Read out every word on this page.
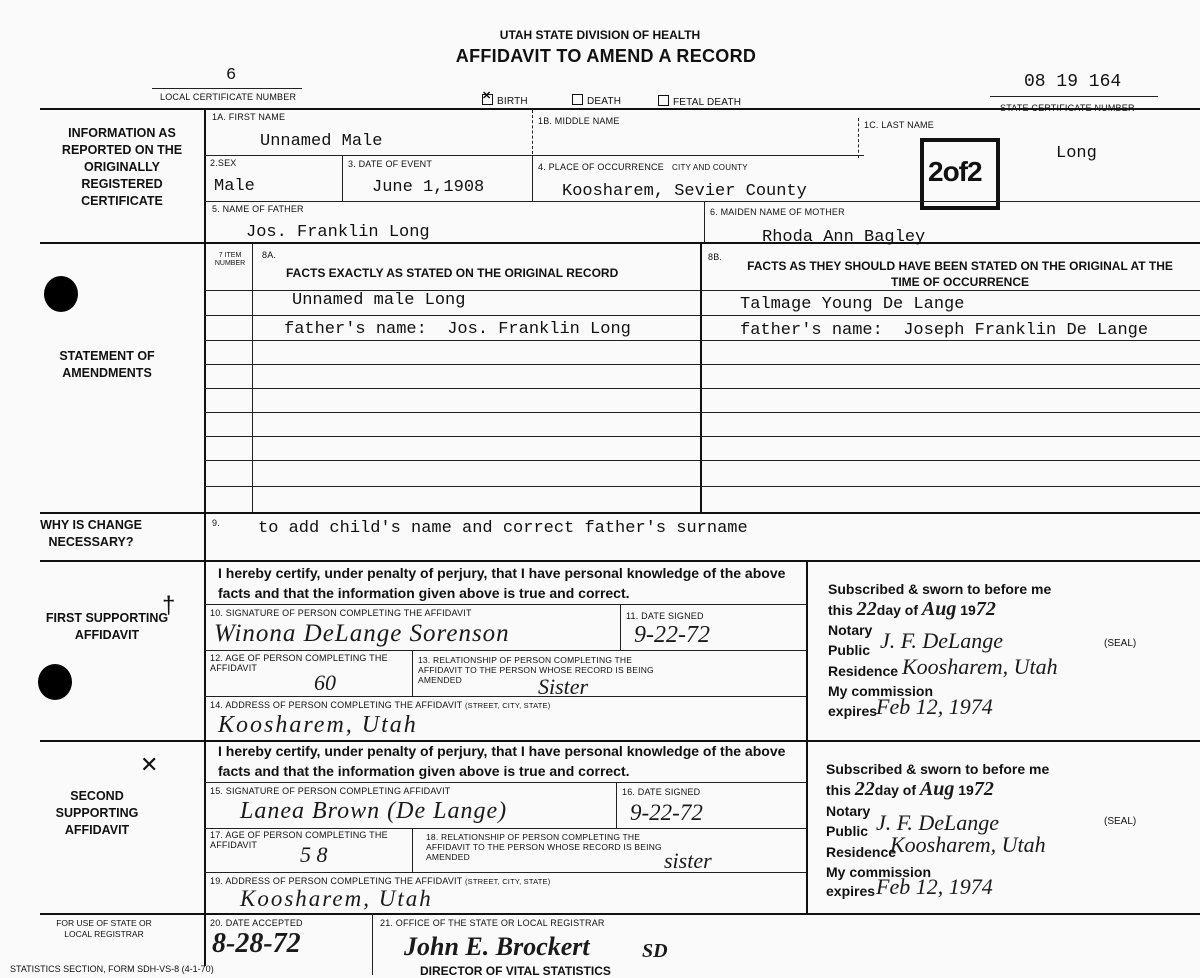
UTAH STATE DIVISION OF HEALTH
AFFIDAVIT TO AMEND A RECORD
6
LOCAL CERTIFICATE NUMBER
08 19 164
STATE CERTIFICATE NUMBER
✕BIRTH	DEATH	FETAL DEATH
INFORMATION AS REPORTED ON THE ORIGINALLY REGISTERED CERTIFICATE
1A. FIRST NAME
Unnamed Male
1B. MIDDLE NAME	1C. LAST NAME
Long
2.SEX
Male
3. DATE OF EVENT
June 1,1908
4. PLACE OF OCCURRENCE CITY AND COUNTY
Koosharem, Sevier County
2of2
5. NAME OF FATHER
Jos. Franklin Long
6. MAIDEN NAME OF MOTHER
Rhoda Ann Bagley
STATEMENT OF AMENDMENTS
7 ITEM NUMBER
8A.
FACTS EXACTLY AS STATED ON THE ORIGINAL RECORD
8B.
FACTS AS THEY SHOULD HAVE BEEN STATED ON THE ORIGINAL AT THE TIME OF OCCURRENCE
Unnamed male Long	Talmage Young De Lange
father's name:  Jos. Franklin Long	father's name:  Joseph Franklin De Lange
WHY IS CHANGE NECESSARY?
9. to add child's name and correct father's surname
FIRST SUPPORTING AFFIDAVIT
†
I hereby certify, under penalty of perjury, that I have personal knowledge of the above facts and that the information given above is true and correct.
10. SIGNATURE OF PERSON COMPLETING THE AFFIDAVIT
Winona DeLange Sorenson
11. DATE SIGNED
9-22-72
12. AGE OF PERSON COMPLETING THE AFFIDAVIT
60
13. RELATIONSHIP OF PERSON COMPLETING THE AFFIDAVIT TO THE PERSON WHOSE RECORD IS BEING AMENDED	Sister
14. ADDRESS OF PERSON COMPLETING THE AFFIDAVIT (STREET, CITY, STATE)
Koosharem, Utah
Subscribed & sworn to before me
this 22day of Aug 1972
Notary
Public J. F. DeLange	(SEAL)
Residence Koosharem, Utah
My commission
expires
Feb 12, 1974
SECOND SUPPORTING AFFIDAVIT
✕
I hereby certify, under penalty of perjury, that I have personal knowledge of the above facts and that the information given above is true and correct.
15. SIGNATURE OF PERSON COMPLETING AFFIDAVIT
Lanea Brown (De Lange)
16. DATE SIGNED
9-22-72
17. AGE OF PERSON COMPLETING THE AFFIDAVIT	5 8
18. RELATIONSHIP OF PERSON COMPLETING THE AFFIDAVIT TO THE PERSON WHOSE RECORD IS BEING AMENDED	sister
19. ADDRESS OF PERSON COMPLETING THE AFFIDAVIT (STREET, CITY, STATE)
Koosharem, Utah
Subscribed & sworn to before me
this 22day of Aug 1972
Notary
Public J. F. DeLange	(SEAL)
Residence
Koosharem, Utah
My commission
expires Feb 12, 1974
FOR USE OF STATE OR LOCAL REGISTRAR
20. DATE ACCEPTED
8-28-72
21. OFFICE OF THE STATE OR LOCAL REGISTRAR
John E. Brockert	SD
DIRECTOR OF VITAL STATISTICS
STATISTICS SECTION, FORM SDH-VS-8 (4-1-70)
